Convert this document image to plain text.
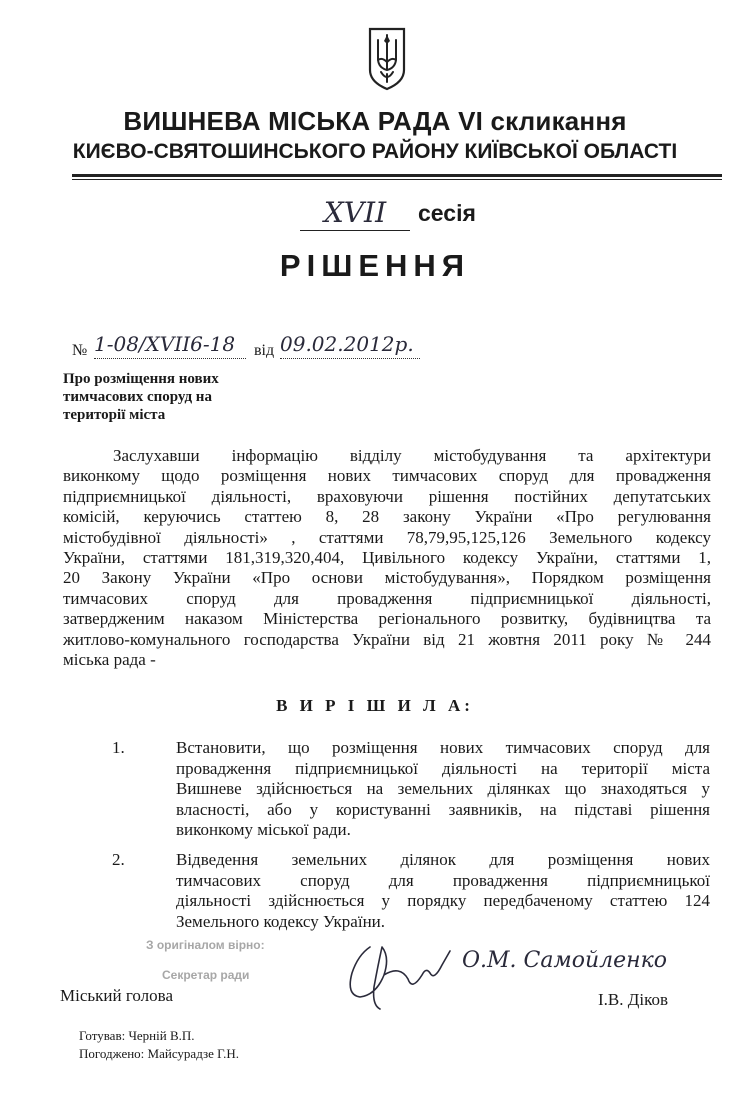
ВИШНЕВА МІСЬКА РАДА VI скликання
КИЄВО-СВЯТОШИНСЬКОГО РАЙОНУ КИЇВСЬКОЇ ОБЛАСТІ
XVII	сесія
РІШЕННЯ
№ 1-08/XVII6-18	від 09.02.2012р.
Про розміщення нових
тимчасових споруд на
території міста
Заслухавши інформацію відділу містобудування та архітектури
виконкому щодо розміщення нових тимчасових споруд для провадження
підприємницької діяльності, враховуючи рішення постійних депутатських
комісій, керуючись статтею 8, 28 закону України «Про регулювання
містобудівної діяльності» , статтями 78,79,95,125,126 Земельного кодексу
України, статтями 181,319,320,404, Цивільного кодексу України, статтями 1,
20 Закону України «Про основи містобудування», Порядком розміщення
тимчасових споруд для провадження підприємницької діяльності,
затвердженим наказом Міністерства регіонального розвитку, будівництва та
житлово-комунального господарства України від 21 жовтня 2011 року № 244
міська рада -
В И Р І Ш И Л А:
1.	Встановити, що розміщення нових тимчасових споруд для
провадження підприємницької діяльності на території міста
Вишневе здійснюється на земельних ділянках що знаходяться у
власності, або у користуванні заявників, на підставі рішення
виконкому міської ради.
2.	Відведення земельних ділянок для розміщення нових
тимчасових споруд для провадження підприємницької
діяльності здійснюється у порядку передбаченому статтею 124
Земельного кодексу України.
З оригіналом вірно:
Секретар ради
О.М. Самойленко
Міський голова	І.В. Діков
Готував: Черній В.П.
Погоджено: Майсурадзе Г.Н.
